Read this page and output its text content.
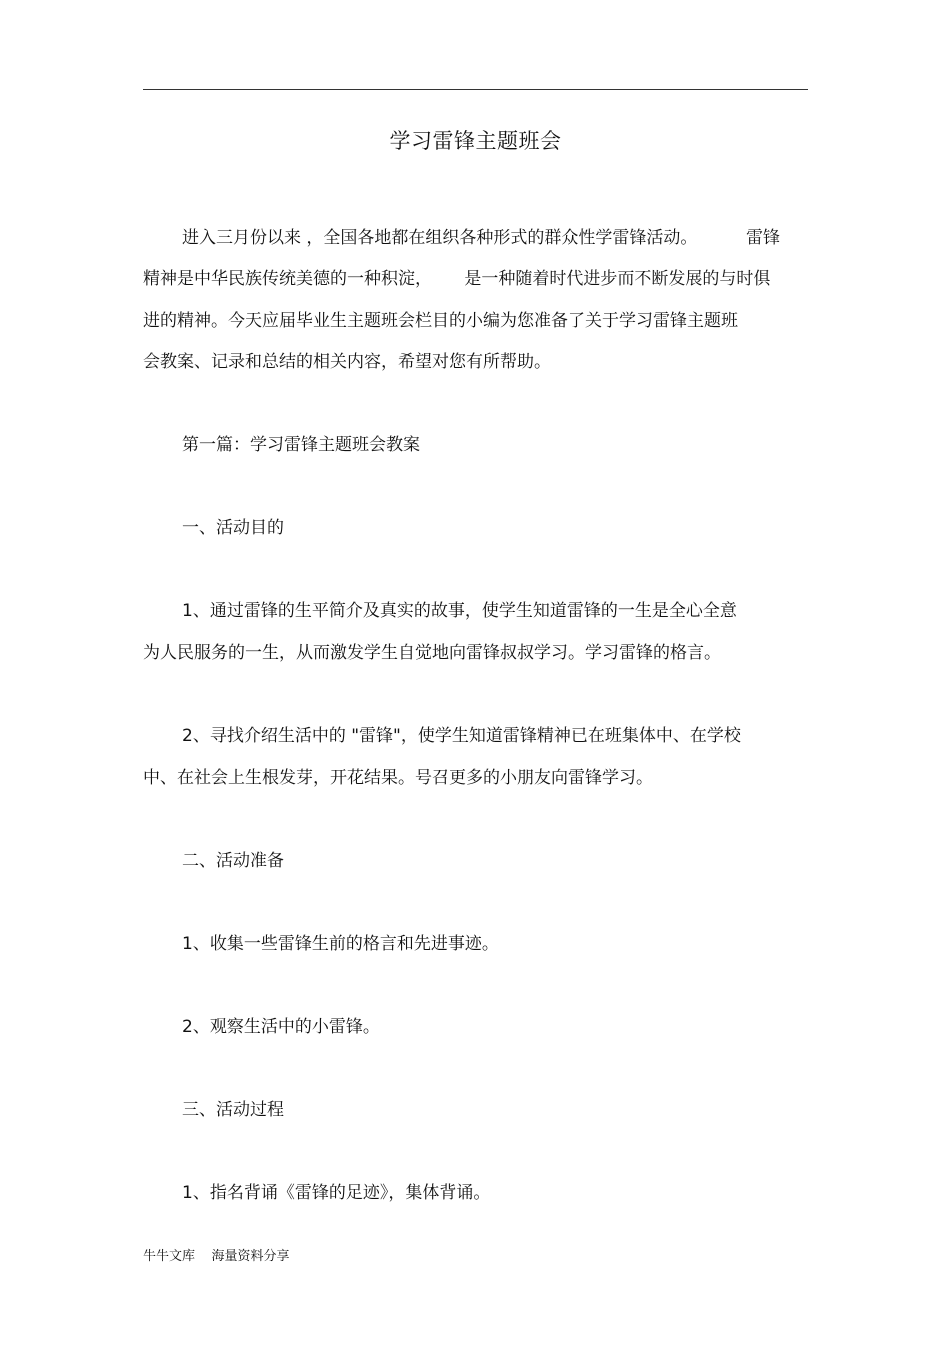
学习雷锋主题班会
进入三月份以来 ，全国各地都在组织各种形式的群众性学雷锋活动。         雷锋
精神是中华民族传统美德的一种积淀，      是一种随着时代进步而不断发展的与时俱
进的精神。今天应届毕业生主题班会栏目的小编为您准备了关于学习雷锋主题班
会教案、记录和总结的相关内容，希望对您有所帮助。
第一篇：学习雷锋主题班会教案
一、活动目的
1、通过雷锋的生平简介及真实的故事，使学生知道雷锋的一生是全心全意
为人民服务的一生，从而激发学生自觉地向雷锋叔叔学习。学习雷锋的格言。
2、寻找介绍生活中的 "雷锋"，使学生知道雷锋精神已在班集体中、在学校
中、在社会上生根发芽，开花结果。号召更多的小朋友向雷锋学习。
二、活动准备
1、收集一些雷锋生前的格言和先进事迹。
2、观察生活中的小雷锋。
三、活动过程
1、指名背诵《雷锋的足迹》，集体背诵。
牛牛文库    海量资料分享
